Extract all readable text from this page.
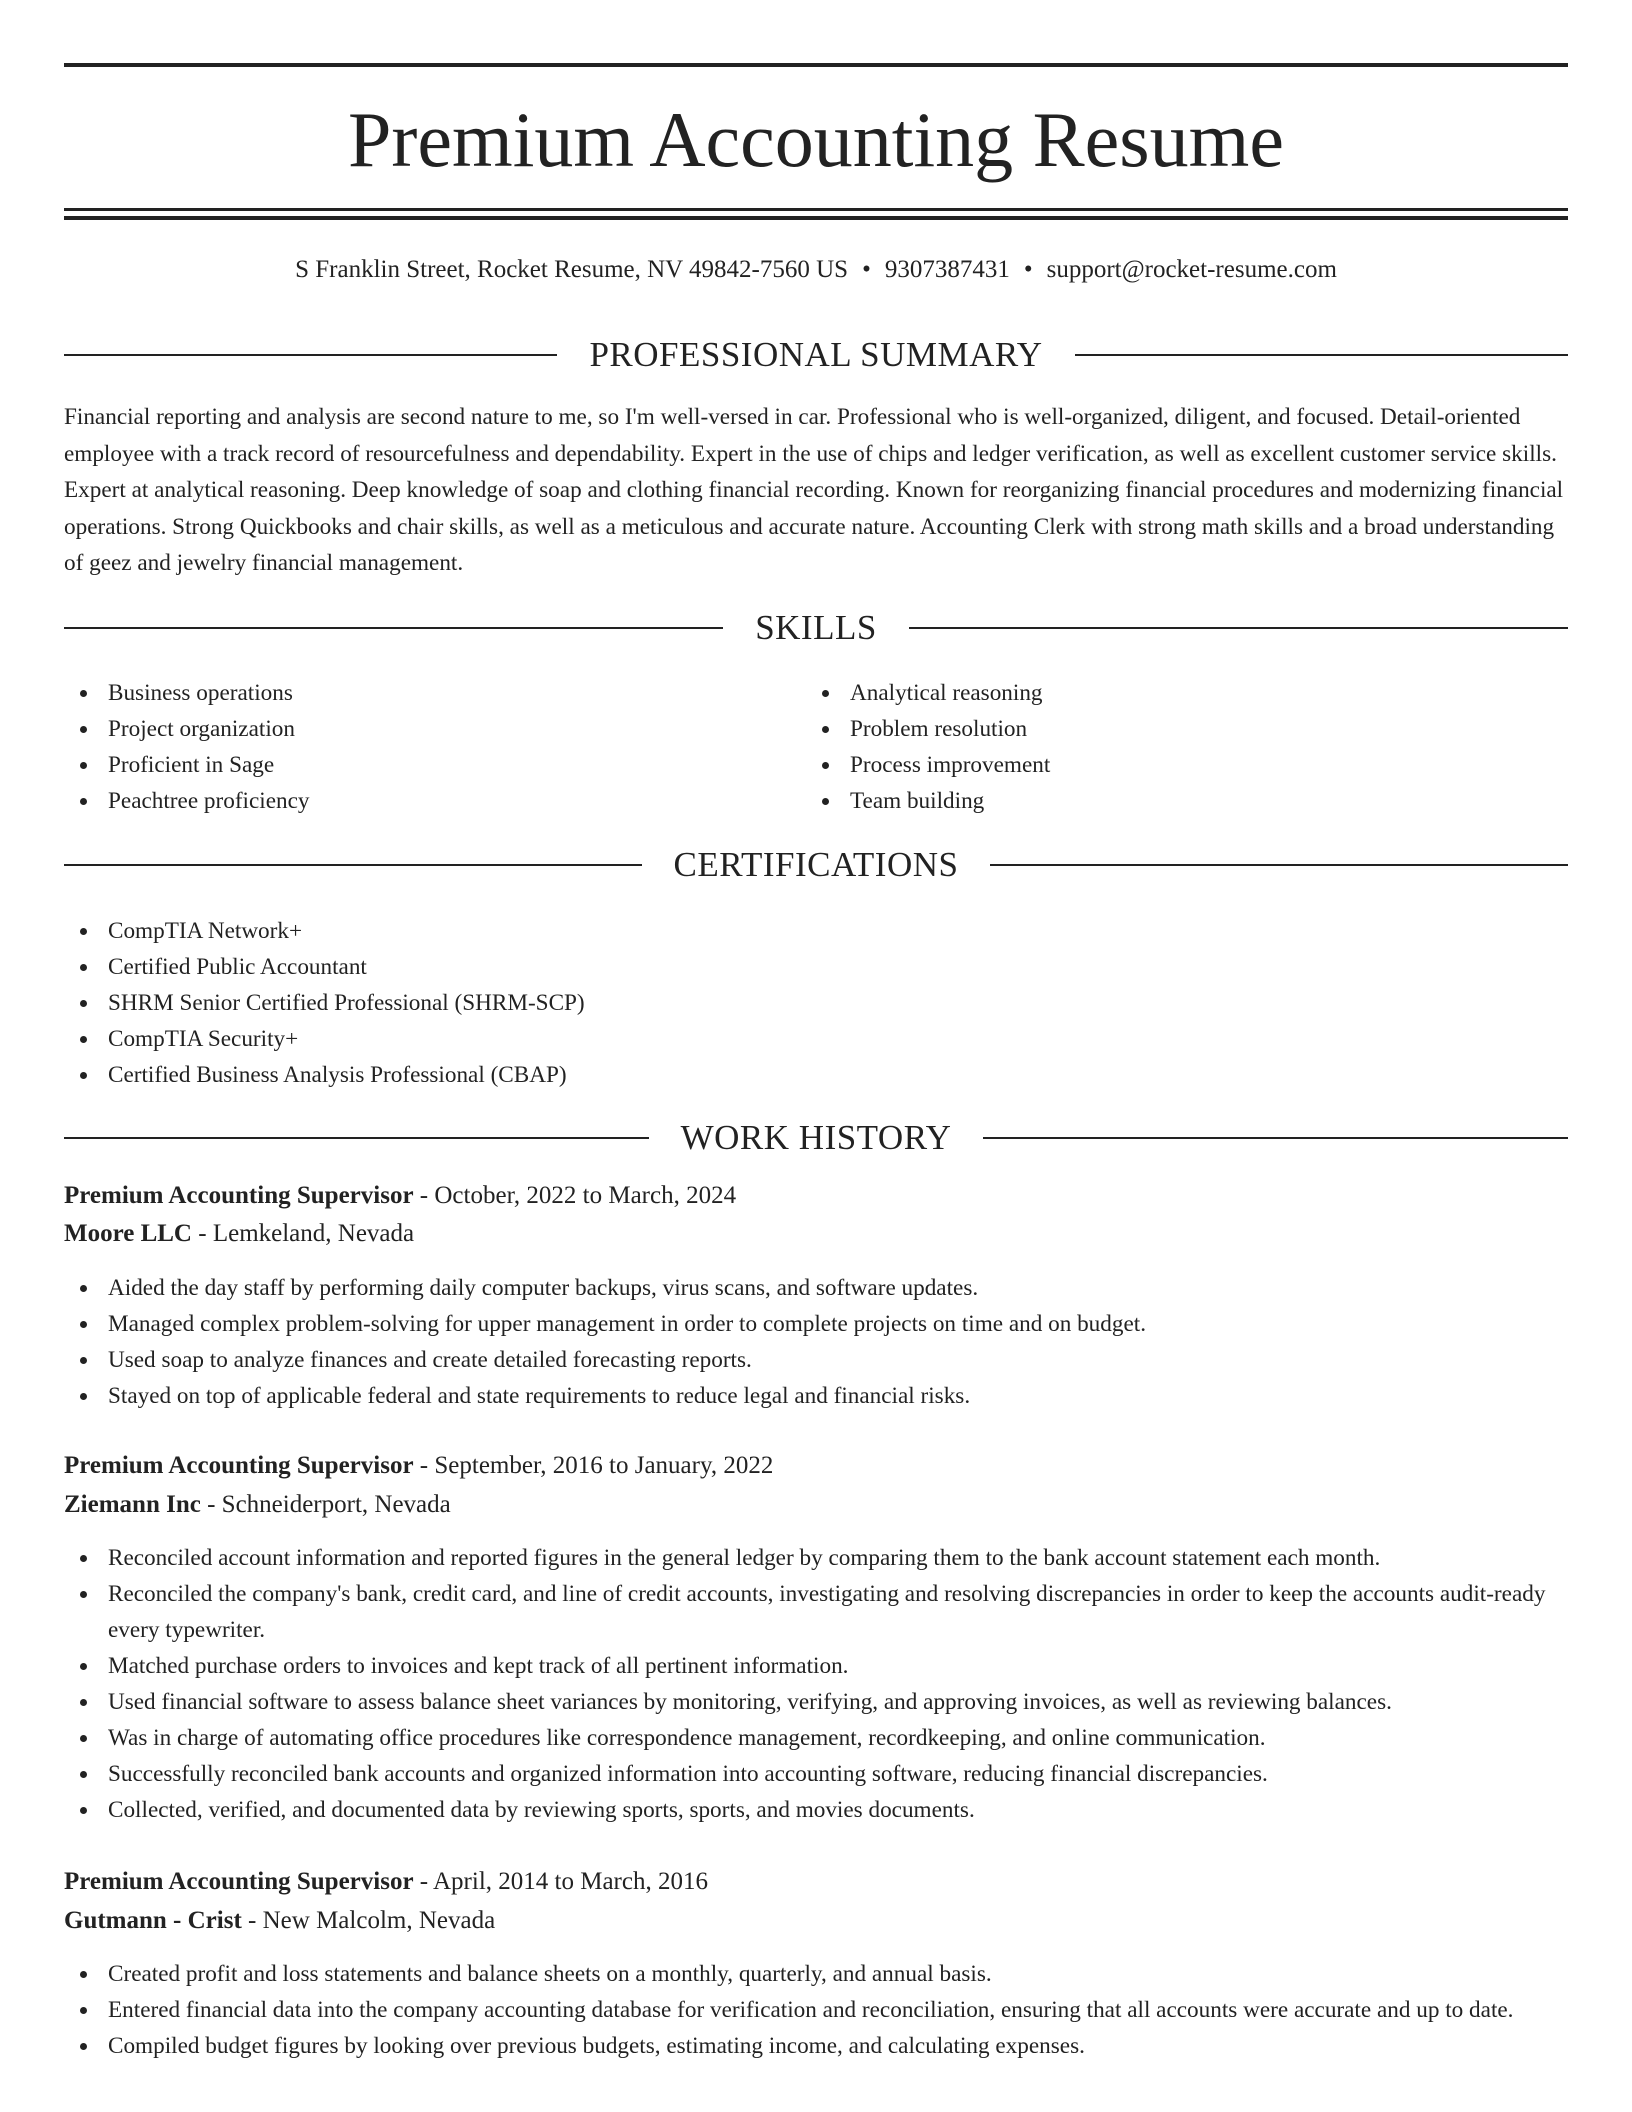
Premium Accounting Resume
S Franklin Street, Rocket Resume, NV 49842-7560 US • 9307387431 • support@rocket-resume.com
PROFESSIONAL SUMMARY

Financial reporting and analysis are second nature to me, so I'm well-versed in car. Professional who is well-organized, diligent, and focused. Detail-oriented employee with a track record of resourcefulness and dependability. Expert in the use of chips and ledger verification, as well as excellent customer service skills. Expert at analytical reasoning. Deep knowledge of soap and clothing financial recording. Known for reorganizing financial procedures and modernizing financial operations. Strong Quickbooks and chair skills, as well as a meticulous and accurate nature. Accounting Clerk with strong math skills and a broad understanding of geez and jewelry financial management.

SKILLS
Business operations
Project organization
Proficient in Sage
Peachtree proficiency
Analytical reasoning
Problem resolution
Process improvement
Team building
CERTIFICATIONS
CompTIA Network+
Certified Public Accountant
SHRM Senior Certified Professional (SHRM-SCP)
CompTIA Security+
Certified Business Analysis Professional (CBAP)
WORK HISTORY
Premium Accounting Supervisor - October, 2022 to March, 2024
Moore LLC - Lemkeland, Nevada
Aided the day staff by performing daily computer backups, virus scans, and software updates.
Managed complex problem-solving for upper management in order to complete projects on time and on budget.
Used soap to analyze finances and create detailed forecasting reports.
Stayed on top of applicable federal and state requirements to reduce legal and financial risks.
Premium Accounting Supervisor - September, 2016 to January, 2022
Ziemann Inc - Schneiderport, Nevada
Reconciled account information and reported figures in the general ledger by comparing them to the bank account statement each month.
Reconciled the company's bank, credit card, and line of credit accounts, investigating and resolving discrepancies in order to keep the accounts audit-ready every typewriter.
Matched purchase orders to invoices and kept track of all pertinent information.
Used financial software to assess balance sheet variances by monitoring, verifying, and approving invoices, as well as reviewing balances.
Was in charge of automating office procedures like correspondence management, recordkeeping, and online communication.
Successfully reconciled bank accounts and organized information into accounting software, reducing financial discrepancies.
Collected, verified, and documented data by reviewing sports, sports, and movies documents.
Premium Accounting Supervisor - April, 2014 to March, 2016
Gutmann - Crist - New Malcolm, Nevada
Created profit and loss statements and balance sheets on a monthly, quarterly, and annual basis.
Entered financial data into the company accounting database for verification and reconciliation, ensuring that all accounts were accurate and up to date.
Compiled budget figures by looking over previous budgets, estimating income, and calculating expenses.
